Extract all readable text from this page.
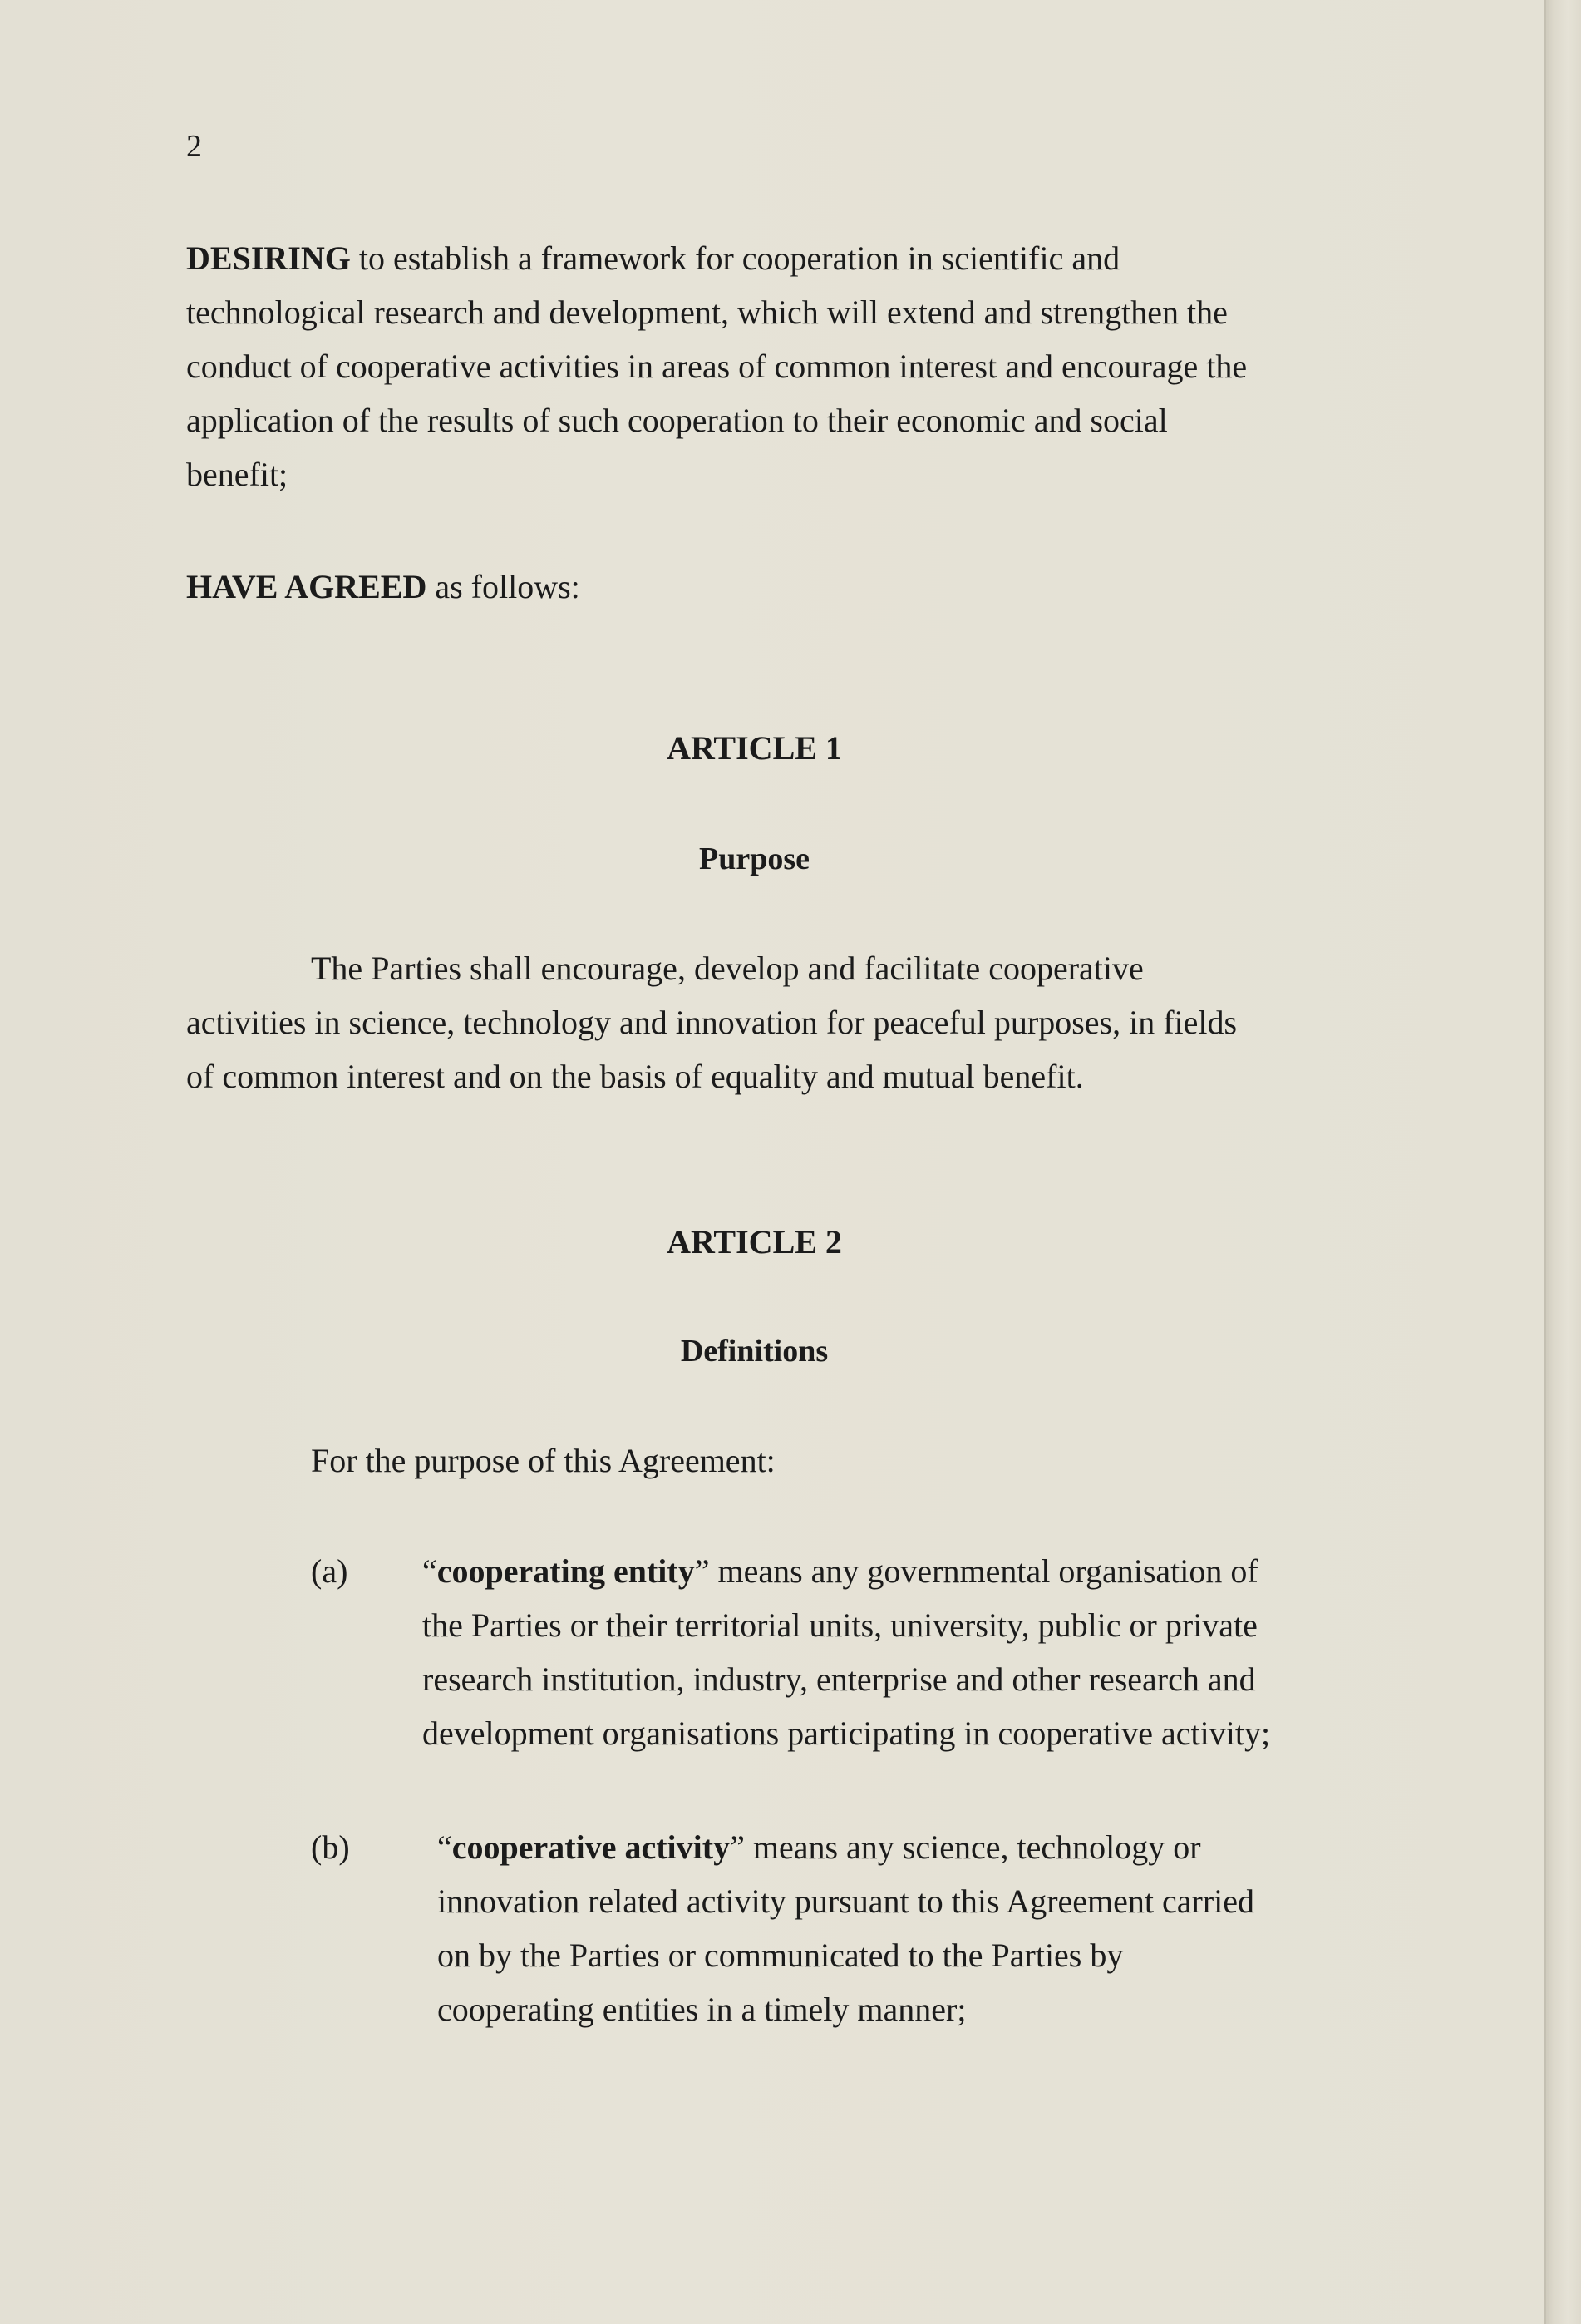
2
DESIRING to establish a framework for cooperation in scientific and
technological research and development, which will extend and strengthen the
conduct of cooperative activities in areas of common interest and encourage the
application of the results of such cooperation to their economic and social
benefit;
HAVE AGREED as follows:
ARTICLE 1
Purpose
The Parties shall encourage, develop and facilitate cooperative
activities in science, technology and innovation for peaceful purposes, in fields
of common interest and on the basis of equality and mutual benefit.
ARTICLE 2
Definitions
For the purpose of this Agreement:
(a) “cooperating entity” means any governmental organisation of
the Parties or their territorial units, university, public or private
research institution, industry, enterprise and other research and
development organisations participating in cooperative activity;
(b)	“cooperative activity” means any science, technology or
innovation related activity pursuant to this Agreement carried
on by the Parties or communicated to the Parties by
cooperating entities in a timely manner;
